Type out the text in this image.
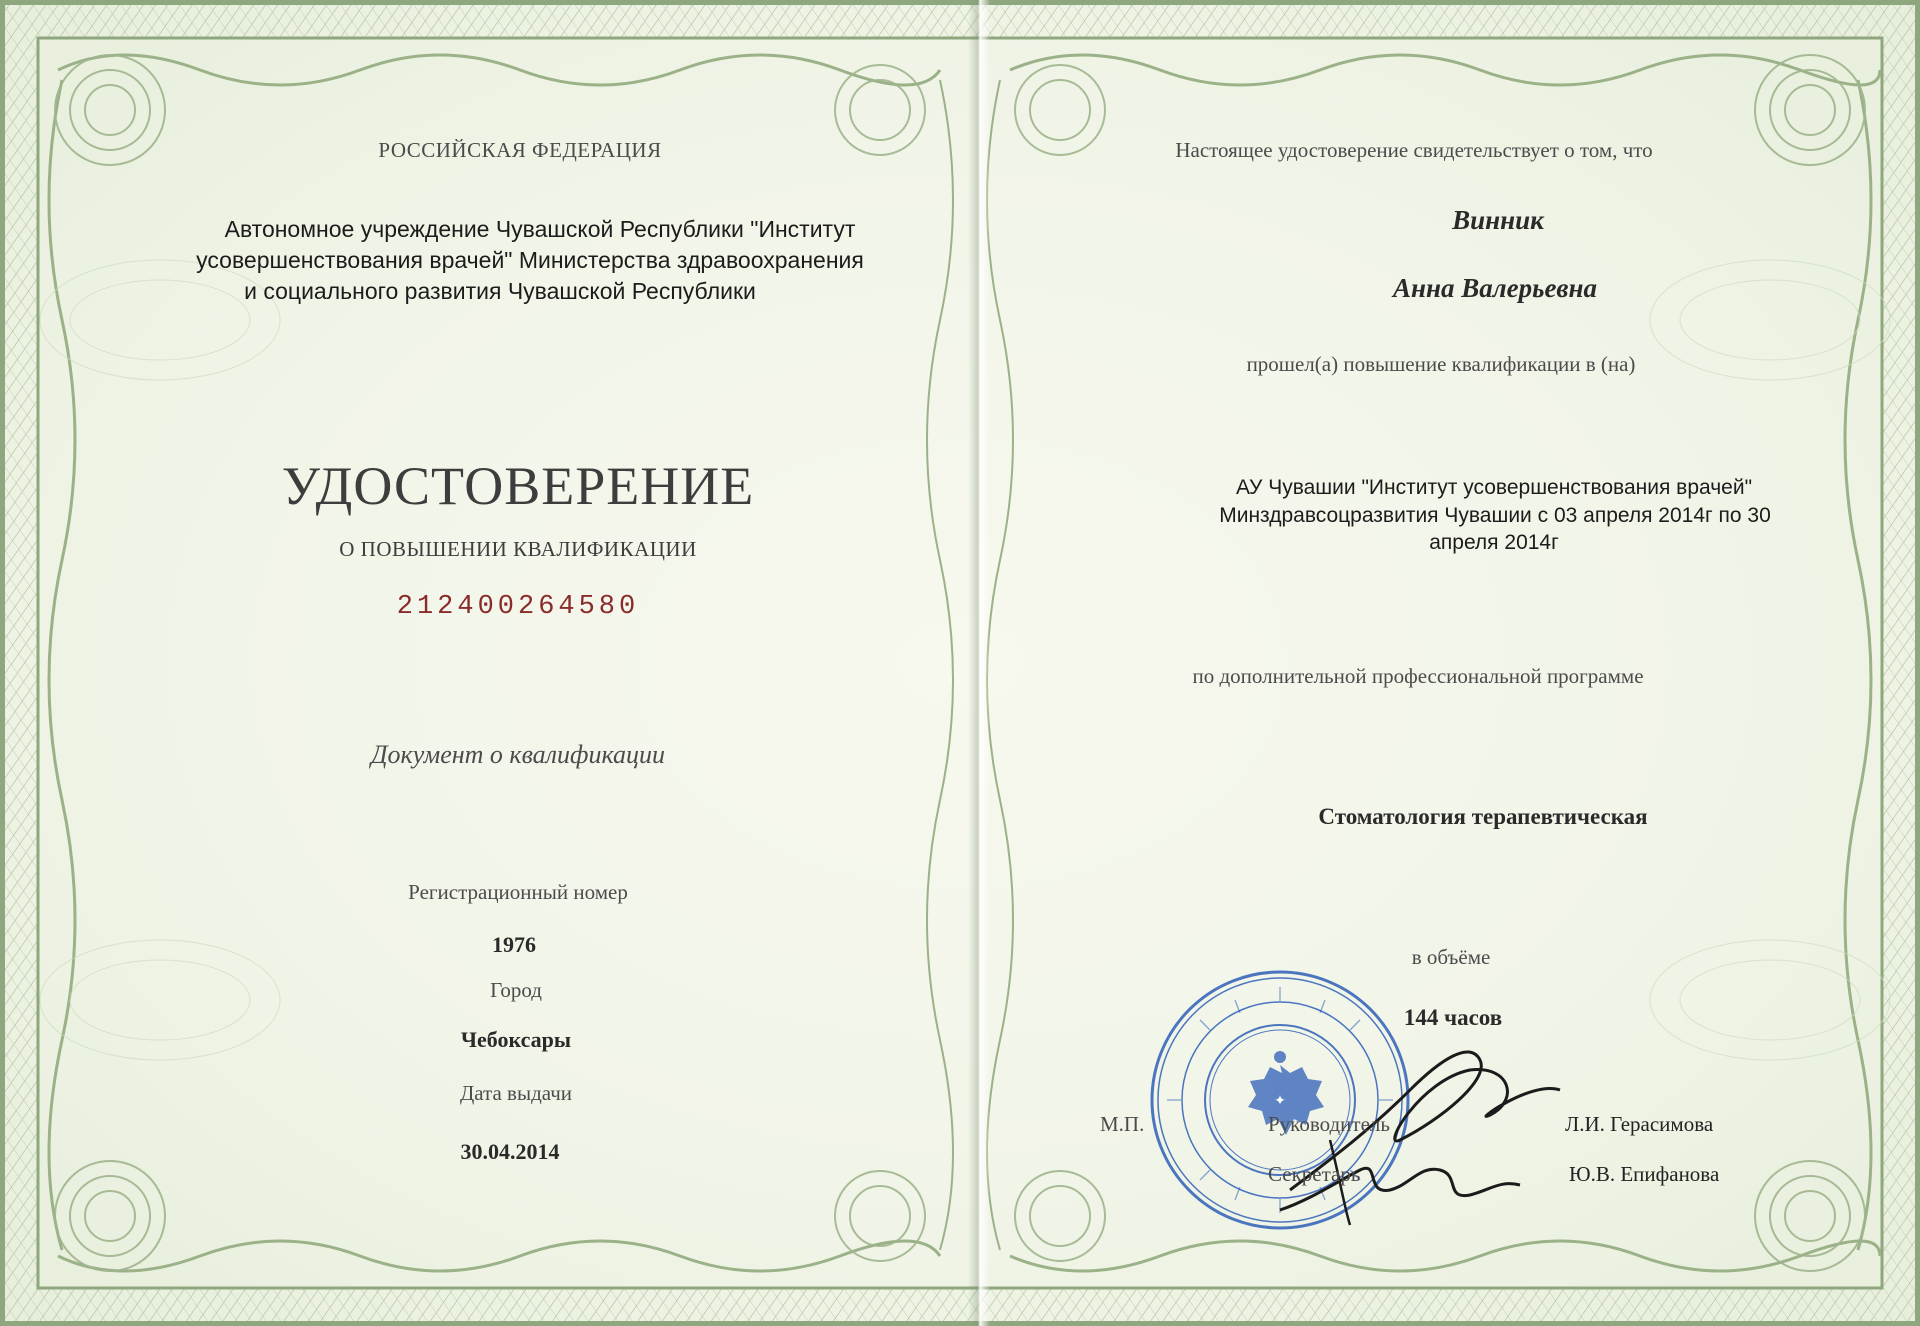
РОССИЙСКАЯ ФЕДЕРАЦИЯ
Автономное учреждение Чувашской Республики "Институт
усовершенствования врачей" Министерства здравоохранения
и социального развития Чувашской Республики
УДОСТОВЕРЕНИЕ
О ПОВЫШЕНИИ КВАЛИФИКАЦИИ
212400264580
Документ о квалификации
Регистрационный номер
1976
Город
Чебоксары
Дата выдачи
30.04.2014
Настоящее удостоверение свидетельствует о том, что
Винник
Анна Валерьевна
прошел(а) повышение квалификации в (на)
АУ Чувашии "Институт усовершенствования врачей"
Минздравсоцразвития Чувашии с 03 апреля 2014г по 30
апреля 2014г
по дополнительной профессиональной программе
Стоматология терапевтическая
в объёме
144 часов
✦
М.П.	Руководитель	Л.И. Герасимова
Секретарь	Ю.В. Епифанова
